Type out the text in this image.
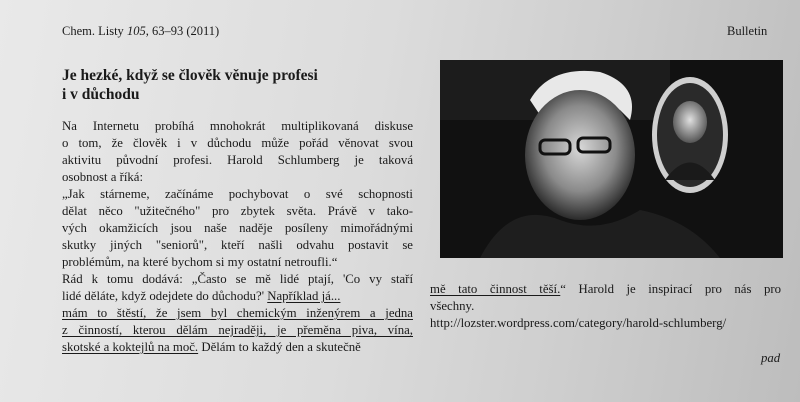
Chem. Listy 105, 63–93 (2011)	Bulletin
Je hezké, když se člověk věnuje profesi
i v důchodu
Na Internetu probíhá mnohokrát multiplikovaná diskuse
o tom, že člověk i v důchodu může pořád věnovat svou
aktivitu původní profesi. Harold Schlumberg je taková
osobnost a říká:
„Jak stárneme, začínáme pochybovat o své schopnosti
dělat něco "užitečného" pro zbytek světa. Právě v tako-
vých okamžicích jsou naše naděje posíleny mimořádnými
skutky jiných "seniorů", kteří našli odvahu postavit se
problémům, na které bychom si my ostatní netroufli.“
Rád k tomu dodává: „Často se mě lidé ptají, 'Co vy staří
lidé děláte, když odejdete do důchodu?' Například já...
mám to štěstí, že jsem byl chemickým inženýrem a jedna
z činností, kterou dělám nejraději, je přeměna piva, vína,
skotské a koktejlů na moč. Dělám to každý den a skutečně
mě tato činnost těší.“ Harold je inspirací pro nás pro
všechny.
http://lozster.wordpress.com/category/harold-schlumberg/
pad
